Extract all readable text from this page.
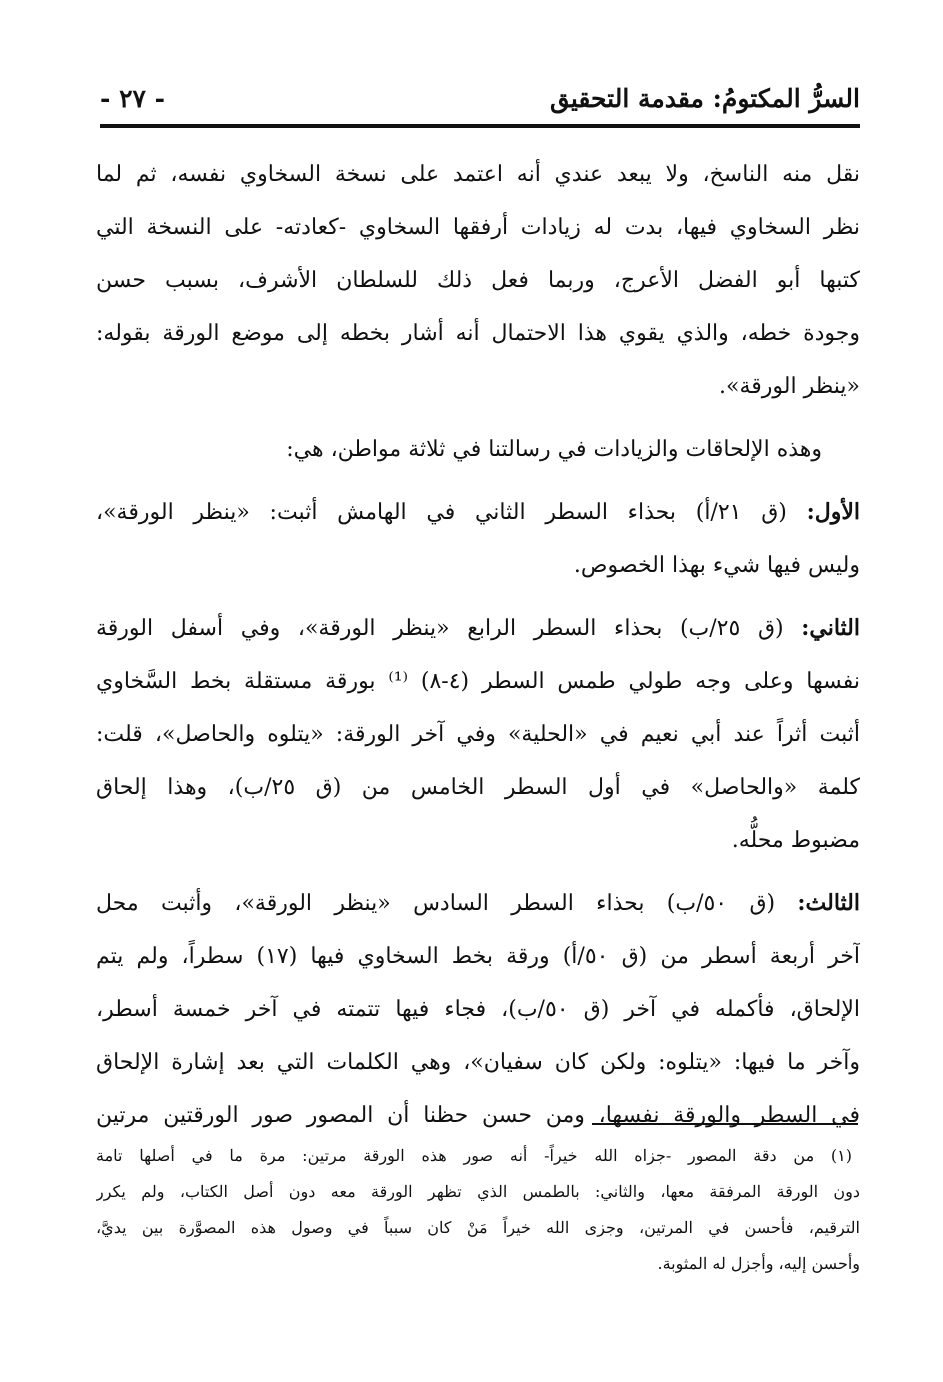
السرُّ المكتومُ: مقدمة التحقيق
- ٢٧ -
نقل منه الناسخ، ولا يبعد عندي أنه اعتمد على نسخة السخاوي نفسه، ثم لما
نظر السخاوي فيها، بدت له زيادات أرفقها السخاوي -كعادته- على النسخة التي
كتبها أبو الفضل الأعرج، وربما فعل ذلك للسلطان الأشرف، بسبب حسن
وجودة خطه، والذي يقوي هذا الاحتمال أنه أشار بخطه إلى موضع الورقة بقوله:
«ينظر الورقة».
وهذه الإلحاقات والزيادات في رسالتنا في ثلاثة مواطن، هي:
الأول: (ق ٢١/أ) بحذاء السطر الثاني في الهامش أثبت: «ينظر الورقة»،
وليس فيها شيء بهذا الخصوص.
الثاني: (ق ٢٥/ب) بحذاء السطر الرابع «ينظر الورقة»، وفي أسفل الورقة
نفسها وعلى وجه طولي طمس السطر (٤-٨) ⁽¹⁾ بورقة مستقلة بخط السَّخاوي
أثبت أثراً عند أبي نعيم في «الحلية» وفي آخر الورقة: «يتلوه والحاصل»، قلت:
كلمة «والحاصل» في أول السطر الخامس من (ق ٢٥/ب)، وهذا إلحاق
مضبوط محلُّه.
الثالث: (ق ٥٠/ب) بحذاء السطر السادس «ينظر الورقة»، وأثبت محل
آخر أربعة أسطر من (ق ٥٠/أ) ورقة بخط السخاوي فيها (١٧) سطراً، ولم يتم
الإلحاق، فأكمله في آخر (ق ٥٠/ب)، فجاء فيها تتمته في آخر خمسة أسطر،
وآخر ما فيها: «يتلوه: ولكن كان سفيان»، وهي الكلمات التي بعد إشارة الإلحاق
في السطر والورقة نفسها، ومن حسن حظنا أن المصور صور الورقتين مرتين
(١) من دقة المصور -جزاه الله خيراً- أنه صور هذه الورقة مرتين: مرة ما في أصلها تامة
دون الورقة المرفقة معها، والثاني: بالطمس الذي تظهر الورقة معه دون أصل الكتاب، ولم يكرر
الترقيم، فأحسن في المرتين، وجزى الله خيراً مَنْ كان سبباً في وصول هذه المصوَّرة بين يديَّ،
وأحسن إليه، وأجزل له المثوبة.
